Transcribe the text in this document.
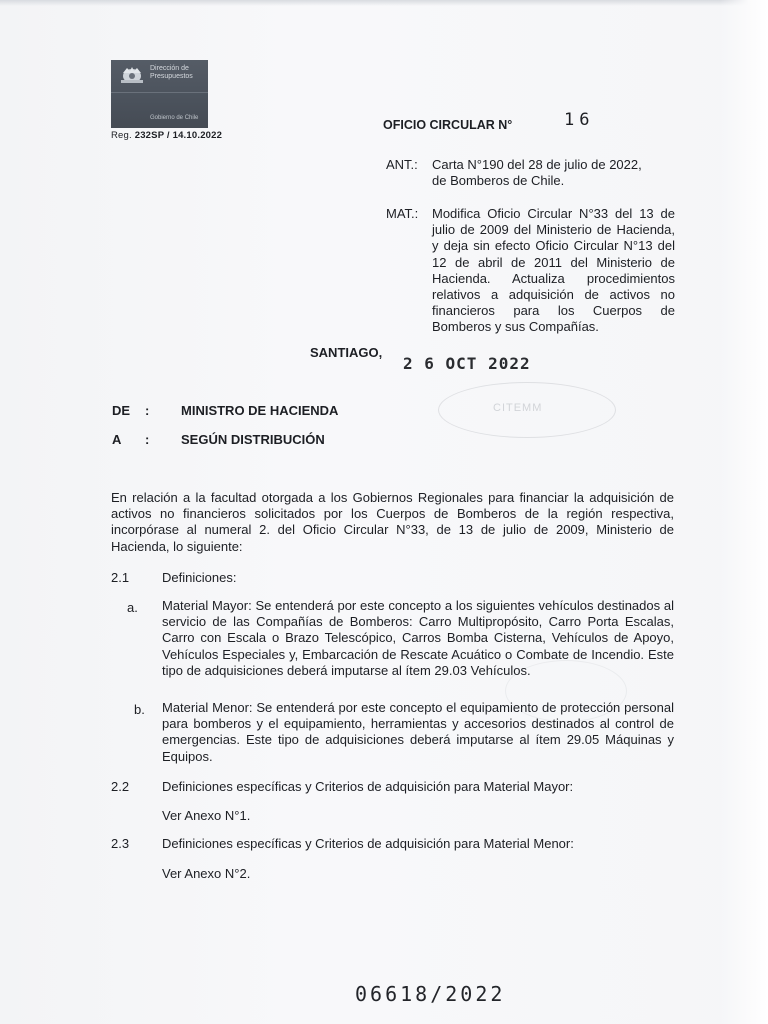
Dirección de
Presupuestos
Gobierno de Chile
Reg. 232SP / 14.10.2022
OFICIO CIRCULAR N°	16
ANT.: Carta N°190 del 28 de julio de 2022,
de Bomberos de Chile.
MAT.: Modifica Oficio Circular N°33 del 13 de julio de 2009 del Ministerio de Hacienda, y deja sin efecto Oficio Circular N°13 del 12 de abril de 2011 del Ministerio de Hacienda. Actualiza procedimientos relativos a adquisición de activos no financieros para los Cuerpos de Bomberos y sus Compañías.
SANTIAGO,
2 6 OCT 2022
CITEMM
DE : MINISTRO DE HACIENDA
A : SEGÚN DISTRIBUCIÓN
En relación a la facultad otorgada a los Gobiernos Regionales para financiar la adquisición de activos no financieros solicitados por los Cuerpos de Bomberos de la región respectiva, incorpórase al numeral 2. del Oficio Circular N°33, de 13 de julio de 2009, Ministerio de Hacienda, lo siguiente:
2.1	Definiciones:
a. Material Mayor: Se entenderá por este concepto a los siguientes vehículos destinados al servicio de las Compañías de Bomberos: Carro Multipropósito, Carro Porta Escalas, Carro con Escala o Brazo Telescópico, Carros Bomba Cisterna, Vehículos de Apoyo, Vehículos Especiales y, Embarcación de Rescate Acuático o Combate de Incendio. Este tipo de adquisiciones deberá imputarse al ítem 29.03 Vehículos.
b. Material Menor: Se entenderá por este concepto el equipamiento de protección personal para bomberos y el equipamiento, herramientas y accesorios destinados al control de emergencias. Este tipo de adquisiciones deberá imputarse al ítem 29.05 Máquinas y Equipos.
2.2	Definiciones específicas y Criterios de adquisición para Material Mayor:
Ver Anexo N°1.
2.3	Definiciones específicas y Criterios de adquisición para Material Menor:
Ver Anexo N°2.
06618/2022
